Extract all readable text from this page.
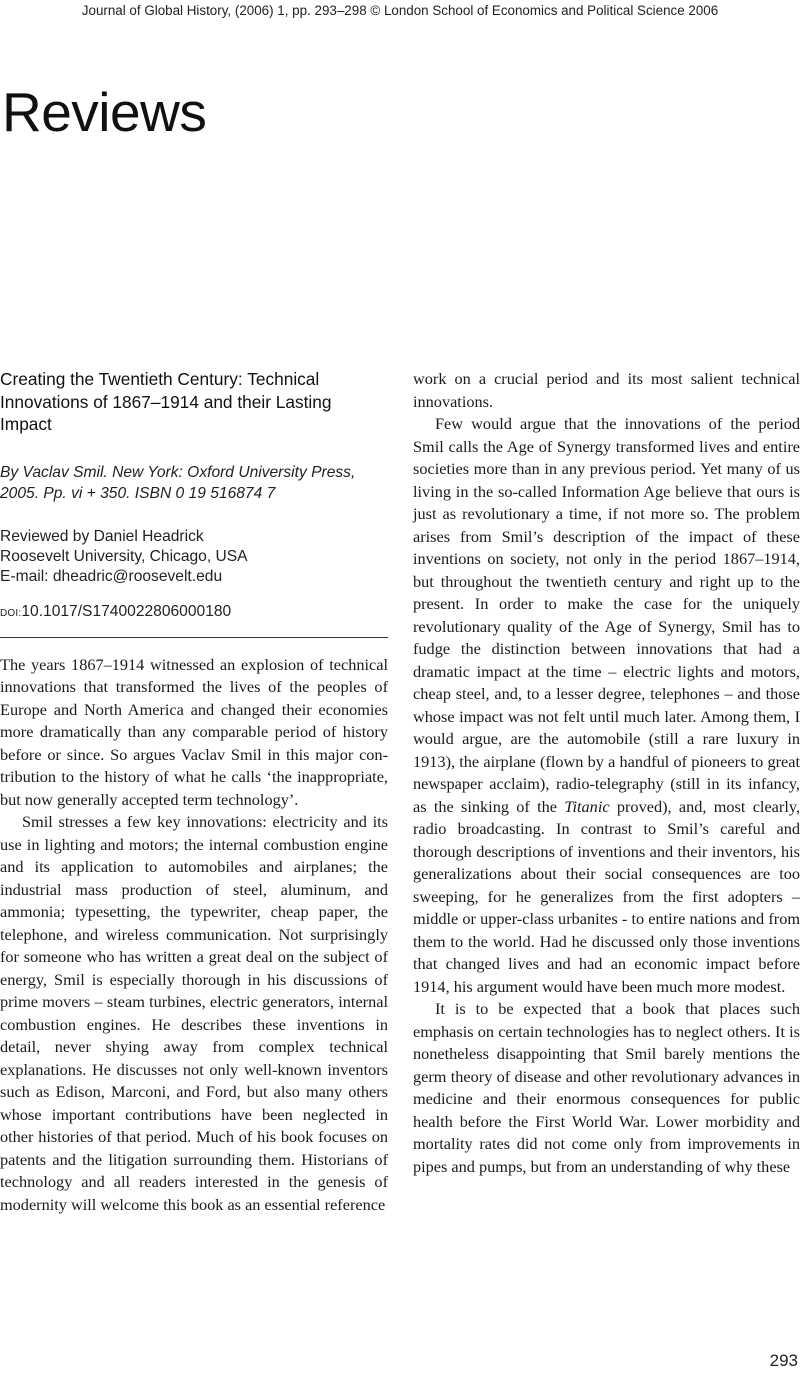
Journal of Global History, (2006) 1, pp. 293–298 © London School of Economics and Political Science 2006
Reviews
Creating the Twentieth Century: Technical Innovations of 1867–1914 and their Lasting Impact

By Vaclav Smil. New York: Oxford University Press, 2005. Pp. vi + 350. ISBN 0 19 516874 7

Reviewed by Daniel Headrick
Roosevelt University, Chicago, USA
E-mail: dheadric@roosevelt.edu
DOI:10.1017/S1740022806000180

The years 1867–1914 witnessed an explosion of technical innovations that transformed the lives of the peoples of Europe and North America and changed their economies more dramatically than any comparable period of history before or since. So argues Vaclav Smil in this major contribution to the history of what he calls ‘the inappropriate, but now generally accepted term technology’.

Smil stresses a few key innovations: electricity and its use in lighting and motors; the internal combustion engine and its application to automobiles and airplanes; the industrial mass production of steel, aluminum, and ammonia; typesetting, the typewriter, cheap paper, the telephone, and wireless communication. Not surprisingly for someone who has written a great deal on the subject of energy, Smil is especially thorough in his discussions of prime movers – steam turbines, electric generators, internal combustion engines. He describes these inventions in detail, never shying away from complex technical explanations. He discusses not only well-known inventors such as Edison, Marconi, and Ford, but also many others whose important contributions have been neglected in other histories of that period. Much of his book focuses on patents and the litigation surrounding them. Historians of technology and all readers interested in the genesis of modernity will welcome this book as an essential reference

work on a crucial period and its most salient technical innovations.

Few would argue that the innovations of the period Smil calls the Age of Synergy transformed lives and entire societies more than in any previous period. Yet many of us living in the so-called Information Age believe that ours is just as revolutionary a time, if not more so. The problem arises from Smil’s description of the impact of these inventions on society, not only in the period 1867–1914, but throughout the twentieth century and right up to the present. In order to make the case for the uniquely revolutionary quality of the Age of Synergy, Smil has to fudge the distinction between innovations that had a dramatic impact at the time – electric lights and motors, cheap steel, and, to a lesser degree, telephones – and those whose impact was not felt until much later. Among them, I would argue, are the automobile (still a rare luxury in 1913), the airplane (flown by a handful of pioneers to great newspaper acclaim), radio-telegraphy (still in its infancy, as the sinking of the Titanic proved), and, most clearly, radio broadcasting. In contrast to Smil’s careful and thorough descriptions of inventions and their inventors, his generalizations about their social consequences are too sweeping, for he generalizes from the first adopters – middle or upper-class urbanites - to entire nations and from them to the world. Had he discussed only those inventions that changed lives and had an economic impact before 1914, his argument would have been much more modest.

It is to be expected that a book that places such emphasis on certain technologies has to neglect others. It is nonetheless disappointing that Smil barely mentions the germ theory of disease and other revolutionary advances in medicine and their enormous consequences for public health before the First World War. Lower morbidity and mortality rates did not come only from improvements in pipes and pumps, but from an understanding of why these

293
